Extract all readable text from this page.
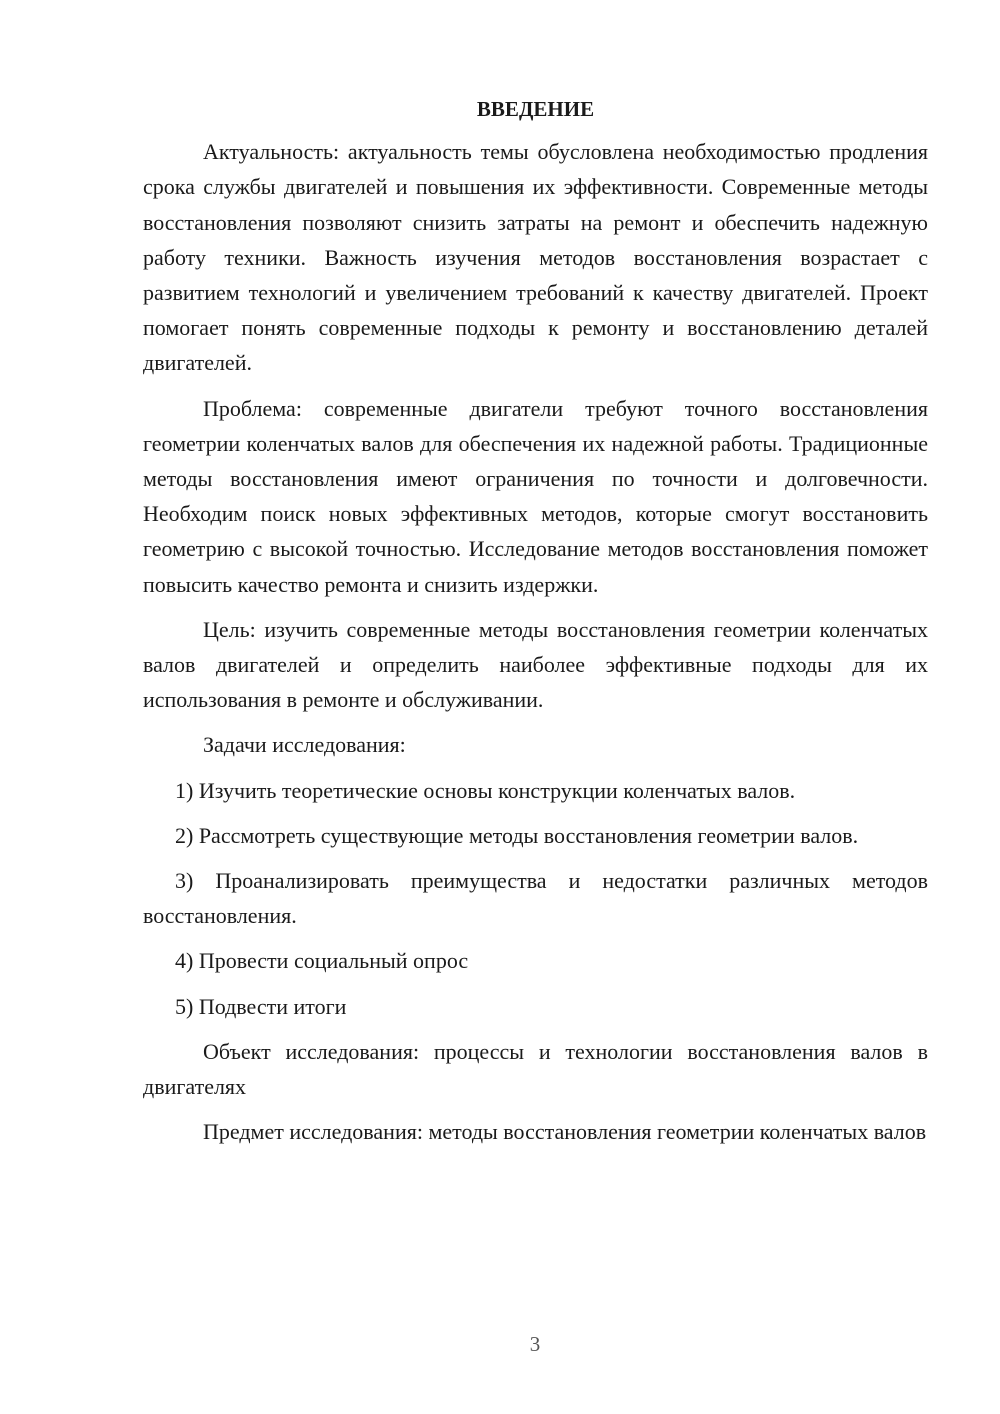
ВВЕДЕНИЕ

Актуальность: актуальность темы обусловлена необходимостью продления срока службы двигателей и повышения их эффективности. Современные методы восстановления позволяют снизить затраты на ремонт и обеспечить надежную работу техники. Важность изучения методов восстановления возрастает с развитием технологий и увеличением требований к качеству двигателей. Проект помогает понять современные подходы к ремонту и восстановлению деталей двигателей.

Проблема: современные двигатели требуют точного восстановления геометрии коленчатых валов для обеспечения их надежной работы. Традиционные методы восстановления имеют ограничения по точности и долговечности. Необходим поиск новых эффективных методов, которые смогут восстановить геометрию с высокой точностью. Исследование методов восстановления поможет повысить качество ремонта и снизить издержки.

Цель: изучить современные методы восстановления геометрии коленчатых валов двигателей и определить наиболее эффективные подходы для их использования в ремонте и обслуживании.

Задачи исследования:

1) Изучить теоретические основы конструкции коленчатых валов.

2) Рассмотреть существующие методы восстановления геометрии валов.

3) Проанализировать преимущества и недостатки различных методов восстановления.

4) Провести социальный опрос

5) Подвести итоги

Объект исследования: процессы и технологии восстановления валов в двигателях

Предмет исследования: методы восстановления геометрии коленчатых валов

3
